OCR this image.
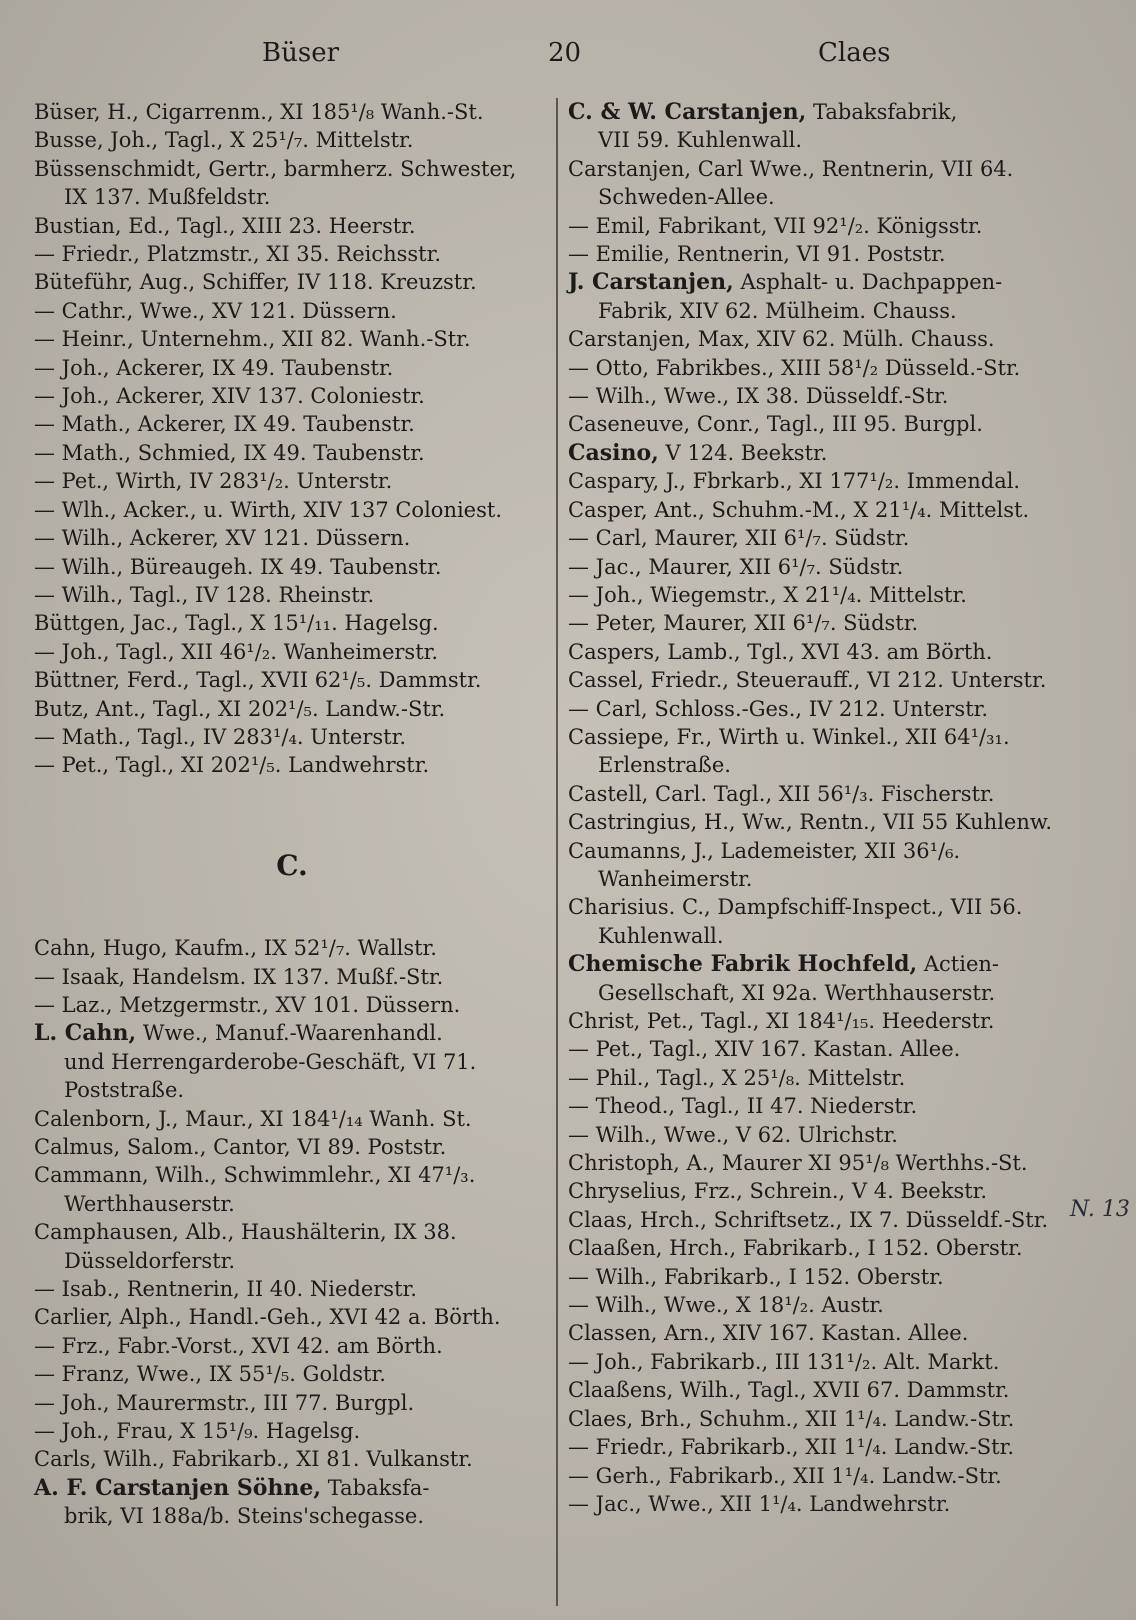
Büser	20	Claes
Büser, H., Cigarrenm., XI 185¹/₈ Wanh.-St.
Busse, Joh., Tagl., X 25¹/₇. Mittelstr.
Büssenschmidt, Gertr., barmherz. Schwester,
IX 137. Mußfeldstr.
Bustian, Ed., Tagl., XIII 23. Heerstr.
— Friedr., Platzmstr., XI 35. Reichsstr.
Büteführ, Aug., Schiffer, IV 118. Kreuzstr.
— Cathr., Wwe., XV 121. Düssern.
— Heinr., Unternehm., XII 82. Wanh.-Str.
— Joh., Ackerer, IX 49. Taubenstr.
— Joh., Ackerer, XIV 137. Coloniestr.
— Math., Ackerer, IX 49. Taubenstr.
— Math., Schmied, IX 49. Taubenstr.
— Pet., Wirth, IV 283¹/₂. Unterstr.
— Wlh., Acker., u. Wirth, XIV 137 Coloniest.
— Wilh., Ackerer, XV 121. Düssern.
— Wilh., Büreaugeh. IX 49. Taubenstr.
— Wilh., Tagl., IV 128. Rheinstr.
Büttgen, Jac., Tagl., X 15¹/₁₁. Hagelsg.
— Joh., Tagl., XII 46¹/₂. Wanheimerstr.
Büttner, Ferd., Tagl., XVII 62¹/₅. Dammstr.
Butz, Ant., Tagl., XI 202¹/₅. Landw.-Str.
— Math., Tagl., IV 283¹/₄. Unterstr.
— Pet., Tagl., XI 202¹/₅. Landwehrstr.
C.
Cahn, Hugo, Kaufm., IX 52¹/₇. Wallstr.
— Isaak, Handelsm. IX 137. Mußf.-Str.
— Laz., Metzgermstr., XV 101. Düssern.
L. Cahn, Wwe., Manuf.-Waarenhandl.
und Herrengarderobe-Geschäft, VI 71.
Poststraße.
Calenborn, J., Maur., XI 184¹/₁₄ Wanh. St.
Calmus, Salom., Cantor, VI 89. Poststr.
Cammann, Wilh., Schwimmlehr., XI 47¹/₃.
Werthhauserstr.
Camphausen, Alb., Haushälterin, IX 38.
Düsseldorferstr.
— Isab., Rentnerin, II 40. Niederstr.
Carlier, Alph., Handl.-Geh., XVI 42 a. Börth.
— Frz., Fabr.-Vorst., XVI 42. am Börth.
— Franz, Wwe., IX 55¹/₅. Goldstr.
— Joh., Maurermstr., III 77. Burgpl.
— Joh., Frau, X 15¹/₉. Hagelsg.
Carls, Wilh., Fabrikarb., XI 81. Vulkanstr.
A. F. Carstanjen Söhne, Tabaksfa-
brik, VI 188a/b. Steins'schegasse.
C. & W. Carstanjen, Tabaksfabrik,
VII 59. Kuhlenwall.
Carstanjen, Carl Wwe., Rentnerin, VII 64.
Schweden-Allee.
— Emil, Fabrikant, VII 92¹/₂. Königsstr.
— Emilie, Rentnerin, VI 91. Poststr.
J. Carstanjen, Asphalt- u. Dachpappen-
Fabrik, XIV 62. Mülheim. Chauss.
Carstanjen, Max, XIV 62. Mülh. Chauss.
— Otto, Fabrikbes., XIII 58¹/₂ Düsseld.-Str.
— Wilh., Wwe., IX 38. Düsseldf.-Str.
Caseneuve, Conr., Tagl., III 95. Burgpl.
Casino, V 124. Beekstr.
Caspary, J., Fbrkarb., XI 177¹/₂. Immendal.
Casper, Ant., Schuhm.-M., X 21¹/₄. Mittelst.
— Carl, Maurer, XII 6¹/₇. Südstr.
— Jac., Maurer, XII 6¹/₇. Südstr.
— Joh., Wiegemstr., X 21¹/₄. Mittelstr.
— Peter, Maurer, XII 6¹/₇. Südstr.
Caspers, Lamb., Tgl., XVI 43. am Börth.
Cassel, Friedr., Steuerauff., VI 212. Unterstr.
— Carl, Schloss.-Ges., IV 212. Unterstr.
Cassiepe, Fr., Wirth u. Winkel., XII 64¹/₃₁.
Erlenstraße.
Castell, Carl. Tagl., XII 56¹/₃. Fischerstr.
Castringius, H., Ww., Rentn., VII 55 Kuhlenw.
Caumanns, J., Lademeister, XII 36¹/₆.
Wanheimerstr.
Charisius. C., Dampfschiff-Inspect., VII 56.
Kuhlenwall.
Chemische Fabrik Hochfeld, Actien-
Gesellschaft, XI 92a. Werthhauserstr.
Christ, Pet., Tagl., XI 184¹/₁₅. Heederstr.
— Pet., Tagl., XIV 167. Kastan. Allee.
— Phil., Tagl., X 25¹/₈. Mittelstr.
— Theod., Tagl., II 47. Niederstr.
— Wilh., Wwe., V 62. Ulrichstr.
Christoph, A., Maurer XI 95¹/₈ Werthhs.-St.
Chryselius, Frz., Schrein., V 4. Beekstr.
Claas, Hrch., Schriftsetz., IX 7. Düsseldf.-Str.
Claaßen, Hrch., Fabrikarb., I 152. Oberstr.
— Wilh., Fabrikarb., I 152. Oberstr.
— Wilh., Wwe., X 18¹/₂. Austr.
Classen, Arn., XIV 167. Kastan. Allee.
— Joh., Fabrikarb., III 131¹/₂. Alt. Markt.
Claaßens, Wilh., Tagl., XVII 67. Dammstr.
Claes, Brh., Schuhm., XII 1¹/₄. Landw.-Str.
— Friedr., Fabrikarb., XII 1¹/₄. Landw.-Str.
— Gerh., Fabrikarb., XII 1¹/₄. Landw.-Str.
— Jac., Wwe., XII 1¹/₄. Landwehrstr.
N. 13
